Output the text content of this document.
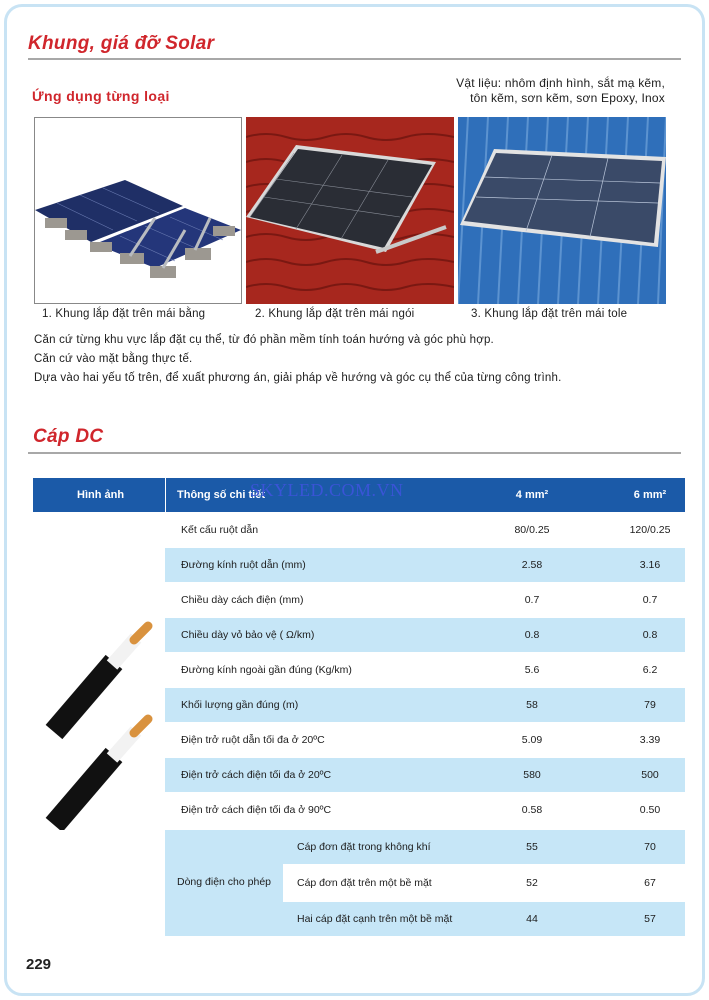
Khung, giá đỡ Solar
Ứng dụng từng loại
Vật liệu: nhôm định hình, sắt mạ kẽm,
tôn kẽm, sơn kẽm, sơn Epoxy, Inox
1. Khung lắp đặt trên mái bằng	2. Khung lắp đặt trên mái ngói	3. Khung lắp đặt trên mái tole
Căn cứ từng khu vực lắp đặt cụ thể, từ đó phần mềm tính toán hướng và góc phù hợp.
Căn cứ vào mặt bằng thực tế.
Dựa vào hai yếu tố trên, để xuất phương án, giải pháp về hướng và góc cụ thể của từng công trình.
Cáp DC
SKYLED.COM.VN
Hình ảnh	Thông số chi tiết	4 mm²	6 mm²
Kết cấu ruột dẫn	80/0.25	120/0.25
Đường kính ruột dẫn (mm)	2.58	3.16
Chiều dày cách điện (mm)	0.7	0.7
Chiều dày vỏ bảo vệ ( Ω/km)	0.8	0.8
Đường kính ngoài gần đúng (Kg/km)	5.6	6.2
Khối lượng gần đúng (m)	58	79
Điện trở ruột dẫn tối đa ở 20ºC	5.09	3.39
Điện trở cách điện tối đa ở 20ºC	580	500
Điện trở cách điện tối đa ở 90ºC	0.58	0.50
Dòng điện cho phép
Cáp đơn đặt trong không khí	55	70
Cáp đơn đặt trên một bề mặt	52	67
Hai cáp đặt cạnh trên một bề mặt	44	57
229
